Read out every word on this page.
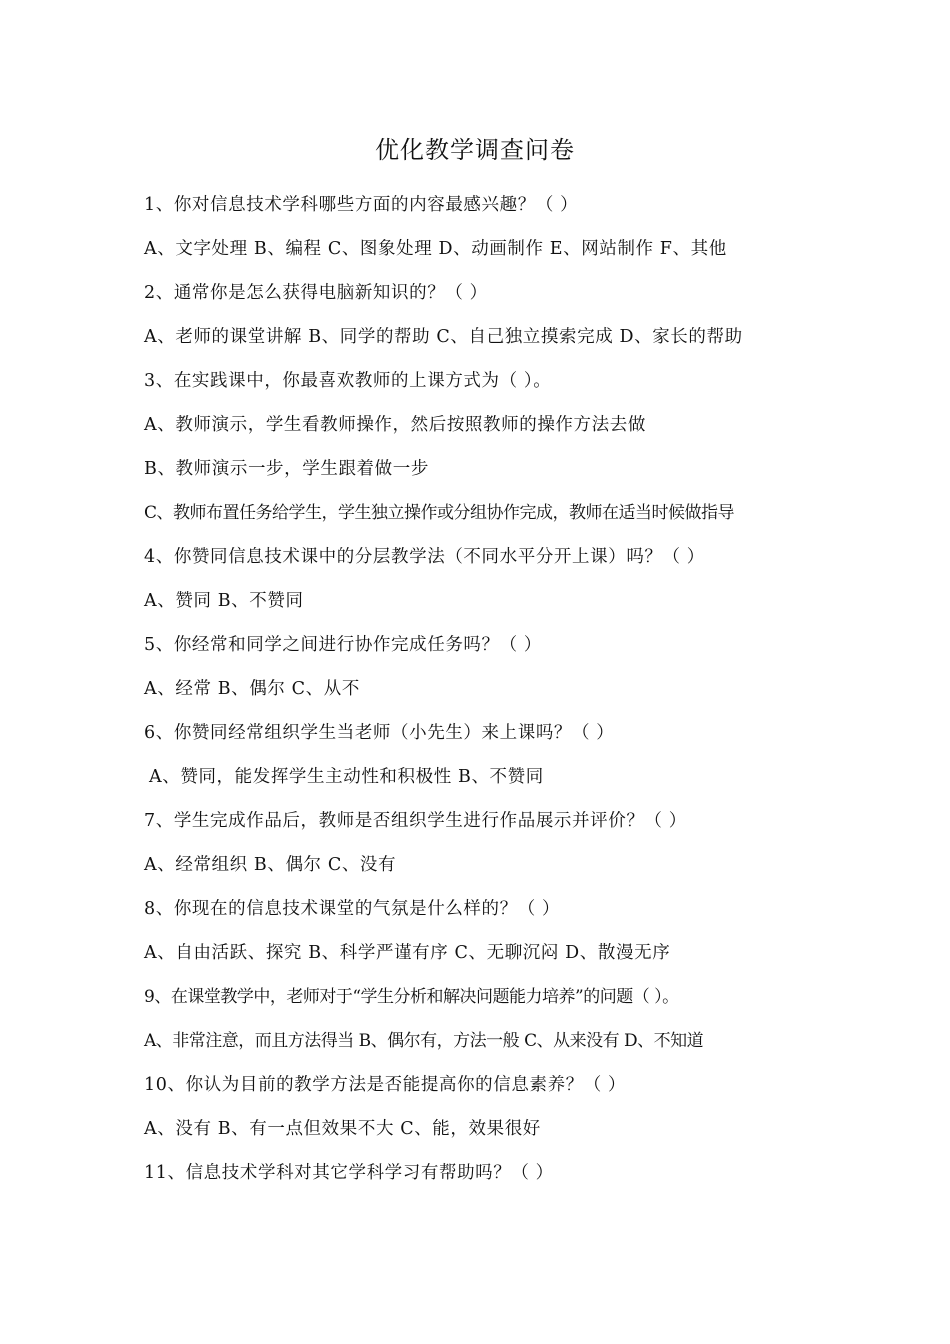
优化教学调查问卷
1、你对信息技术学科哪些方面的内容最感兴趣？（ ）
A、文字处理 B、编程 C、图象处理 D、动画制作 E、网站制作 F、其他
2、通常你是怎么获得电脑新知识的？（ ）
A、老师的课堂讲解 B、同学的帮助 C、自己独立摸索完成 D、家长的帮助
3、在实践课中，你最喜欢教师的上课方式为（ ）。
A、教师演示，学生看教师操作，然后按照教师的操作方法去做
B、教师演示一步，学生跟着做一步
C、教师布置任务给学生，学生独立操作或分组协作完成，教师在适当时候做指导
4、你赞同信息技术课中的分层教学法（不同水平分开上课）吗？（ ）
A、赞同 B、不赞同
5、你经常和同学之间进行协作完成任务吗？（ ）
A、经常 B、偶尔 C、从不
6、你赞同经常组织学生当老师（小先生）来上课吗？（ ）
A、赞同，能发挥学生主动性和积极性 B、不赞同
7、学生完成作品后，教师是否组织学生进行作品展示并评价？（ ）
A、经常组织 B、偶尔 C、没有
8、你现在的信息技术课堂的气氛是什么样的？（ ）
A、自由活跃、探究 B、科学严谨有序 C、无聊沉闷 D、散漫无序
9、在课堂教学中，老师对于“学生分析和解决问题能力培养”的问题（ ）。
A、非常注意，而且方法得当 B、偶尔有，方法一般 C、从来没有 D、不知道
10、你认为目前的教学方法是否能提高你的信息素养？（ ）
A、没有 B、有一点但效果不大 C、能，效果很好
11、信息技术学科对其它学科学习有帮助吗？（ ）
